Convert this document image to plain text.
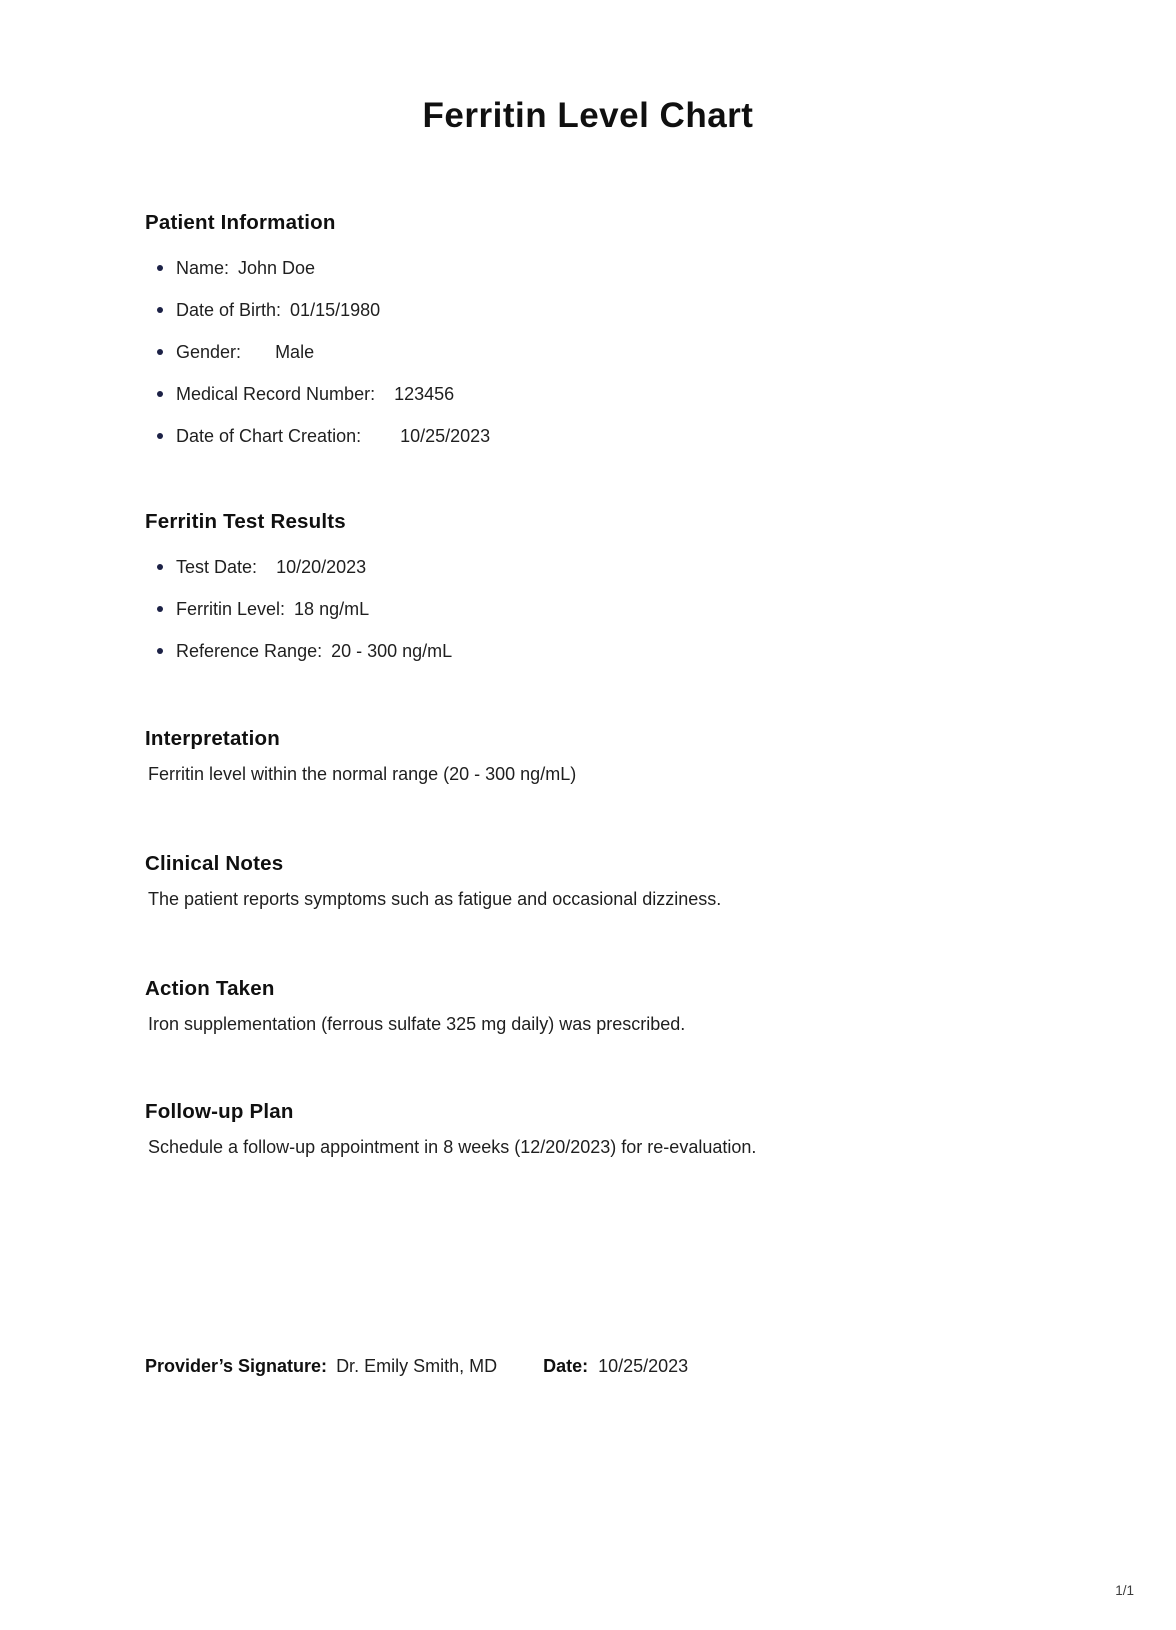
Ferritin Level Chart
Patient Information
Name: John Doe
Date of Birth: 01/15/1980
Gender: Male
Medical Record Number: 123456
Date of Chart Creation: 10/25/2023
Ferritin Test Results
Test Date: 10/20/2023
Ferritin Level: 18 ng/mL
Reference Range: 20 - 300 ng/mL
Interpretation
Ferritin level within the normal range (20 - 300 ng/mL)
Clinical Notes
The patient reports symptoms such as fatigue and occasional dizziness.
Action Taken
Iron supplementation (ferrous sulfate 325 mg daily) was prescribed.
Follow-up Plan
Schedule a follow-up appointment in 8 weeks (12/20/2023) for re-evaluation.
Provider’s Signature: Dr. Emily Smith, MD	Date: 10/25/2023
1/1
